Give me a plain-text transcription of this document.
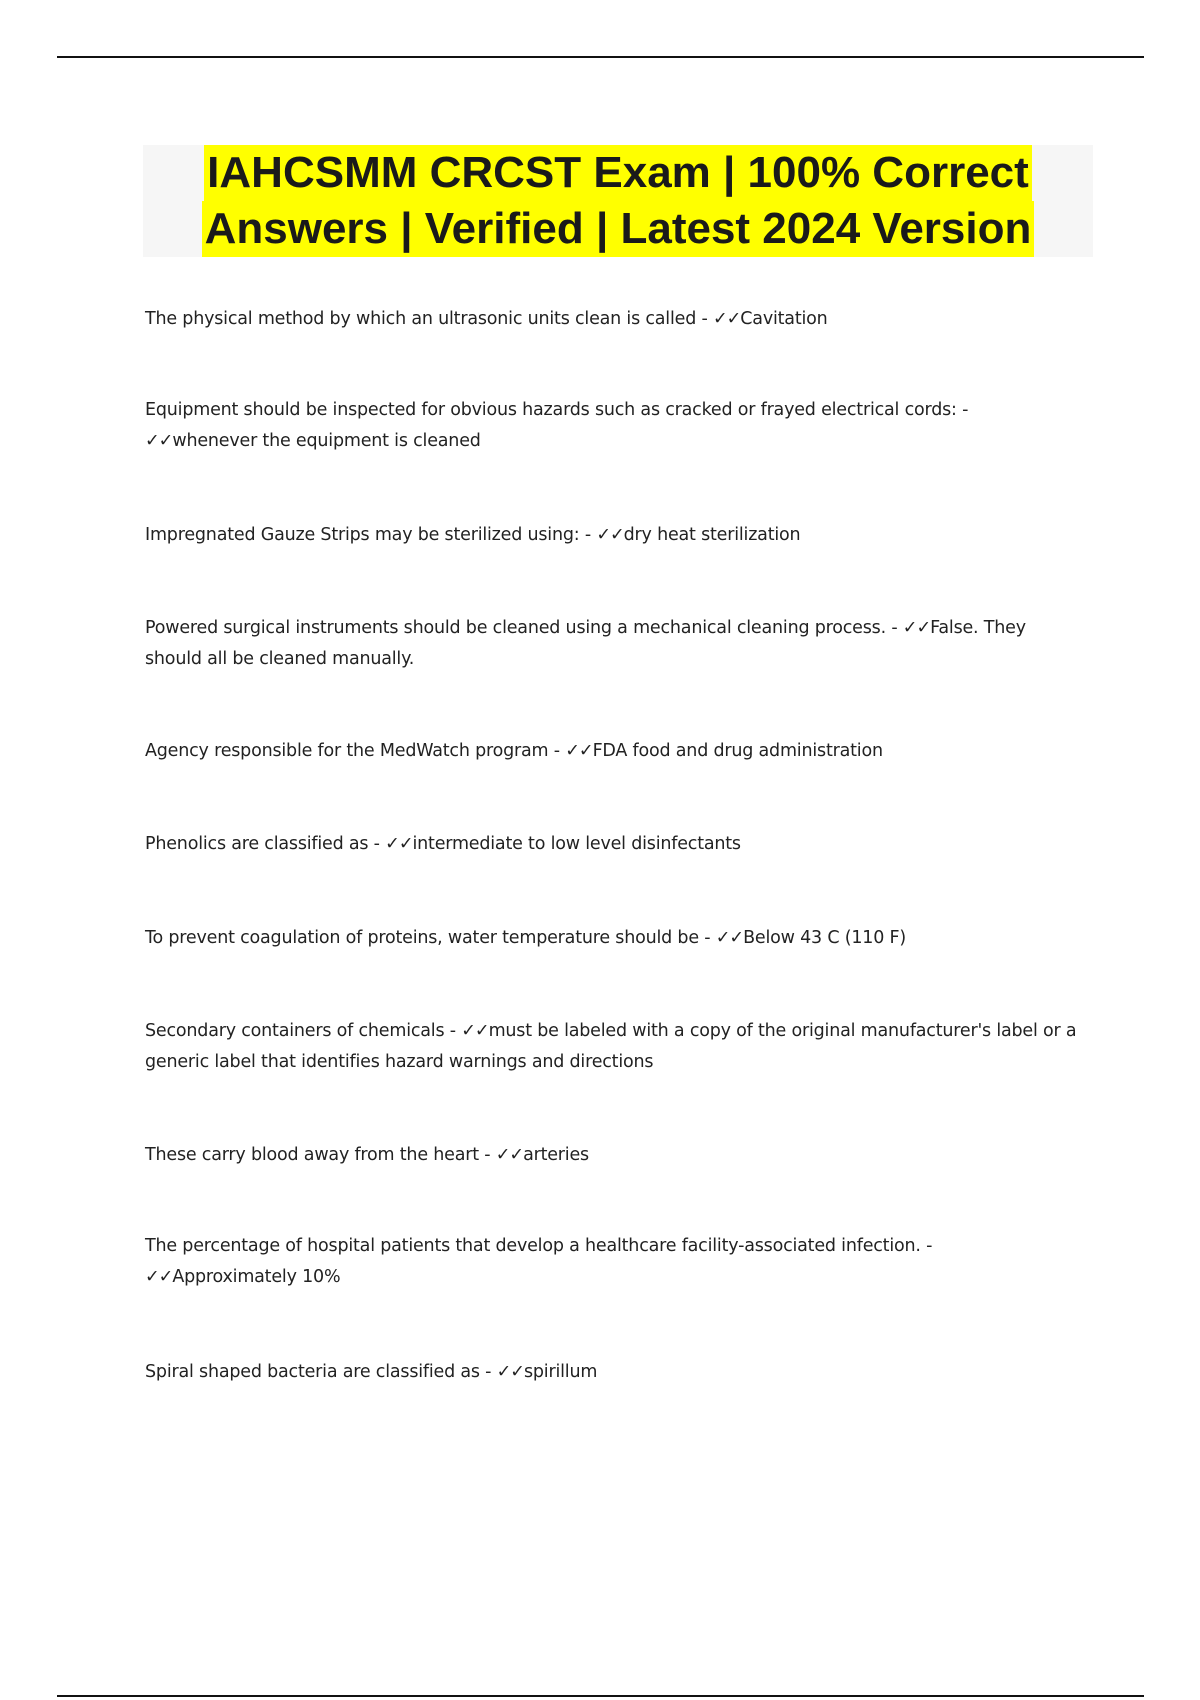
IAHCSMM CRCST Exam | 100% Correct
Answers | Verified | Latest 2024 Version
The physical method by which an ultrasonic units clean is called - ✓✓Cavitation
Equipment should be inspected for obvious hazards such as cracked or frayed electrical cords: -
✓✓whenever the equipment is cleaned
Impregnated Gauze Strips may be sterilized using: - ✓✓dry heat sterilization
Powered surgical instruments should be cleaned using a mechanical cleaning process. - ✓✓False. They should all be cleaned manually.
Agency responsible for the MedWatch program - ✓✓FDA food and drug administration
Phenolics are classified as - ✓✓intermediate to low level disinfectants
To prevent coagulation of proteins, water temperature should be - ✓✓Below 43 C (110 F)
Secondary containers of chemicals - ✓✓must be labeled with a copy of the original manufacturer's label or a generic label that identifies hazard warnings and directions
These carry blood away from the heart - ✓✓arteries
The percentage of hospital patients that develop a healthcare facility-associated infection. -
✓✓Approximately 10%
Spiral shaped bacteria are classified as - ✓✓spirillum
